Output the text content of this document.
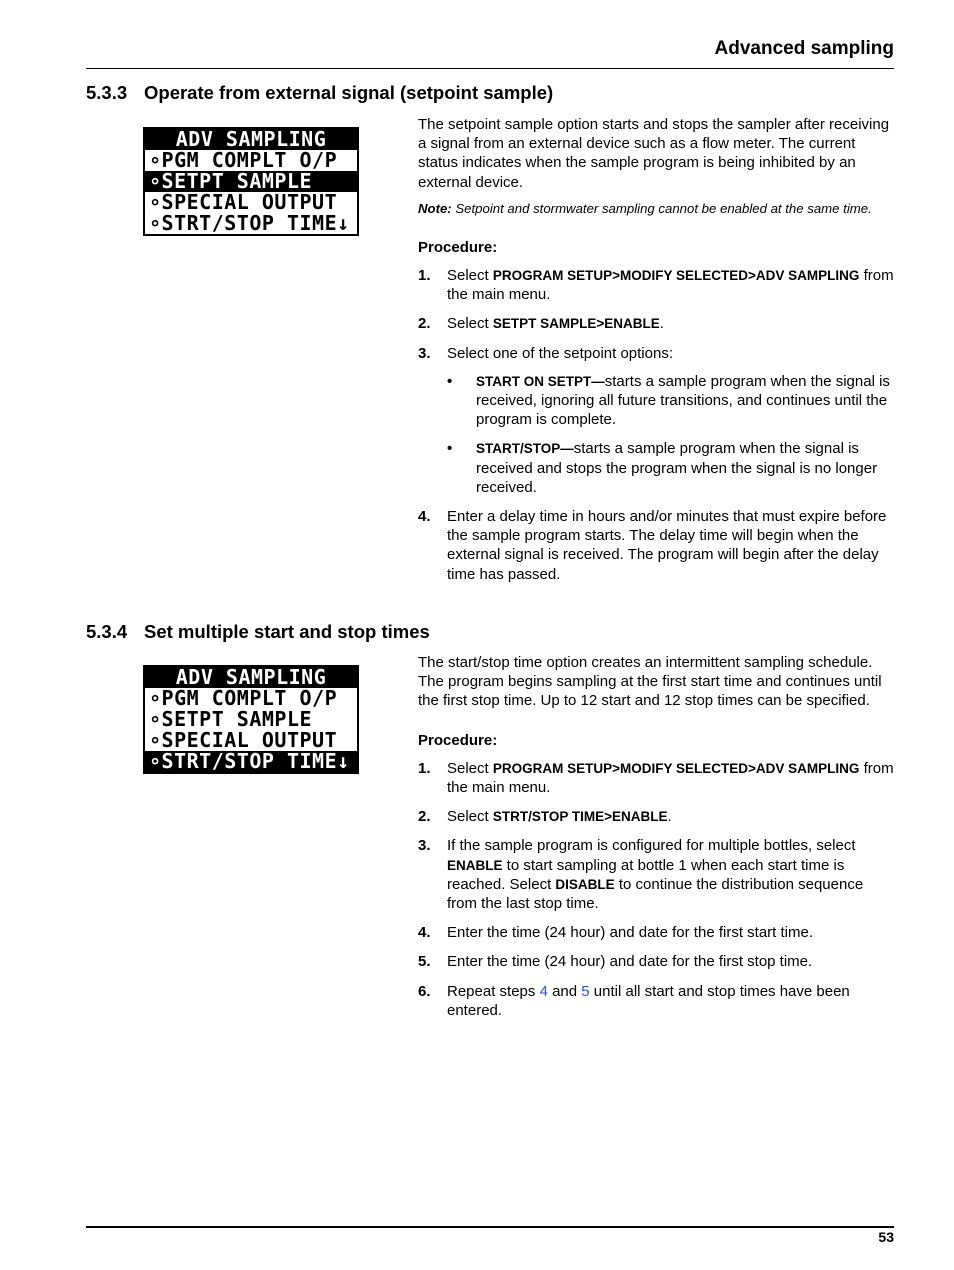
Advanced sampling
5.3.3 Operate from external signal (setpoint sample)
ADV SAMPLING
∘PGM COMPLT O/P
∘SETPT SAMPLE
∘SPECIAL OUTPUT
∘STRT/STOP TIME↓

The setpoint sample option starts and stops the sampler after receiving a signal from an external device such as a flow meter. The current status indicates when the sample program is being inhibited by an external device.

Note: Setpoint and stormwater sampling cannot be enabled at the same time.

Procedure:

1. Select PROGRAM SETUP>MODIFY SELECTED>ADV SAMPLING from the main menu.
2. Select SETPT SAMPLE>ENABLE.
3. Select one of the setpoint options:
• START ON SETPT—starts a sample program when the signal is received, ignoring all future transitions, and continues until the program is complete.
• START/STOP—starts a sample program when the signal is received and stops the program when the signal is no longer received.
4. Enter a delay time in hours and/or minutes that must expire before the sample program starts. The delay time will begin when the external signal is received. The program will begin after the delay time has passed.
5.3.4 Set multiple start and stop times
ADV SAMPLING
∘PGM COMPLT O/P
∘SETPT SAMPLE
∘SPECIAL OUTPUT
∘STRT/STOP TIME↓

The start/stop time option creates an intermittent sampling schedule. The program begins sampling at the first start time and continues until the first stop time. Up to 12 start and 12 stop times can be specified.

Procedure:

1. Select PROGRAM SETUP>MODIFY SELECTED>ADV SAMPLING from the main menu.
2. Select STRT/STOP TIME>ENABLE.
3. If the sample program is configured for multiple bottles, select ENABLE to start sampling at bottle 1 when each start time is reached. Select DISABLE to continue the distribution sequence from the last stop time.
4. Enter the time (24 hour) and date for the first start time.
5. Enter the time (24 hour) and date for the first stop time.
6. Repeat steps 4 and 5 until all start and stop times have been entered.
53
